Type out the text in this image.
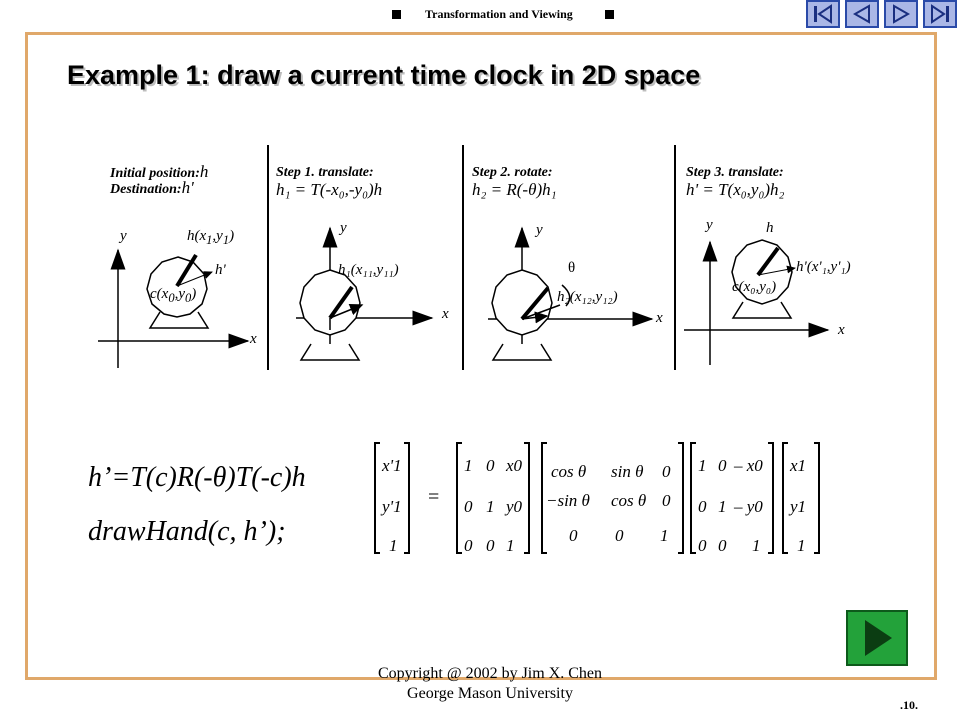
Transformation and Viewing
Example 1: draw a current time clock in 2D space
Initial position:h
Destination:h'
y
x
$h(x_1,y_1)$
h'
$c(x_0,y_0)$
Step 1. translate:
h₁ = T(-x₀,-y₀)h
y
x
h₁(x₁₁,y₁₁)
Step 2. rotate:
h₂ = R(-θ)h₁
y
x
θ
h₂(x₁₂,y₁₂)
Step 3. translate:
h' = T(x₀,y₀)h₂
y
x
h
h'(x'₁,y'₁)
c(x₀,y₀)
h’=T(c)R(-θ)T(-c)h
drawHand(c, h’);
x'1
y'1
1
=
1 0 x0
0 1 y0
0 0 1
cos θ sin θ 0
−sin θ cos θ 0
0 0 1
1 0 – x0
0 1 – y0
0 0 1
x1
y1
1
Copyright @ 2002 by Jim X. Chen
George Mason University
.10.
